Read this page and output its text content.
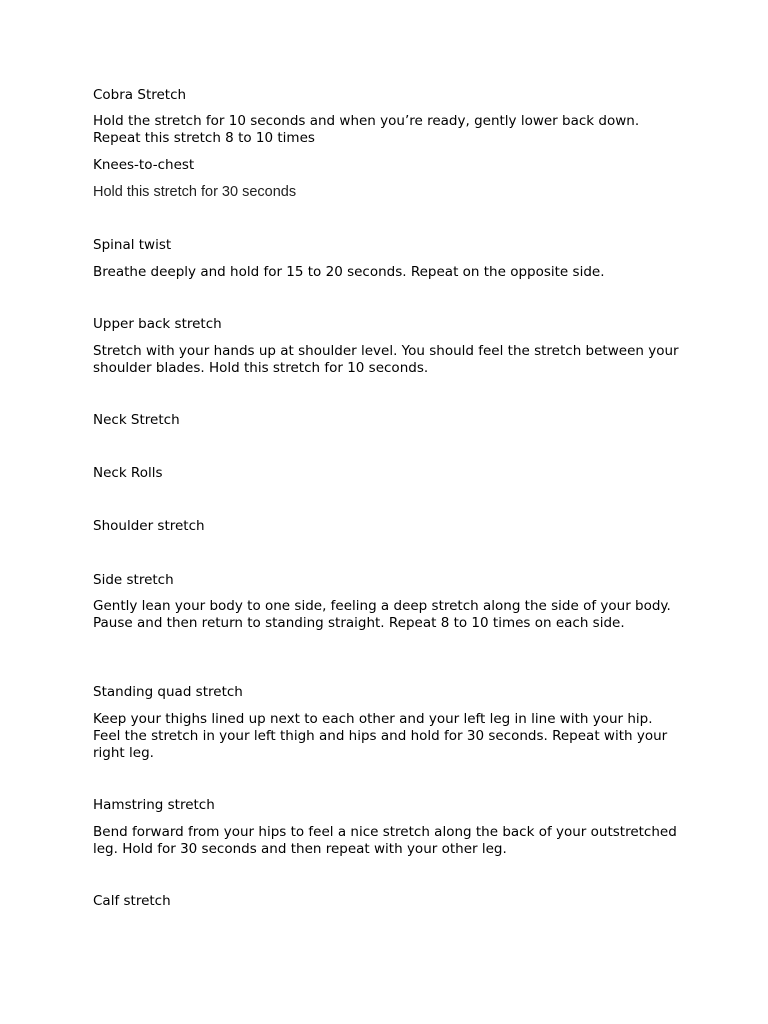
Cobra Stretch

Hold the stretch for 10 seconds and when you’re ready, gently lower back down. Repeat this stretch 8 to 10 times

Knees-to-chest

Hold this stretch for 30 seconds

Spinal twist

Breathe deeply and hold for 15 to 20 seconds. Repeat on the opposite side.

Upper back stretch

Stretch with your hands up at shoulder level. You should feel the stretch between your shoulder blades. Hold this stretch for 10 seconds.

Neck Stretch

Neck Rolls

Shoulder stretch

Side stretch

Gently lean your body to one side, feeling a deep stretch along the side of your body. Pause and then return to standing straight. Repeat 8 to 10 times on each side.

Standing quad stretch

Keep your thighs lined up next to each other and your left leg in line with your hip. Feel the stretch in your left thigh and hips and hold for 30 seconds. Repeat with your right leg.

Hamstring stretch

Bend forward from your hips to feel a nice stretch along the back of your outstretched leg. Hold for 30 seconds and then repeat with your other leg.

Calf stretch
